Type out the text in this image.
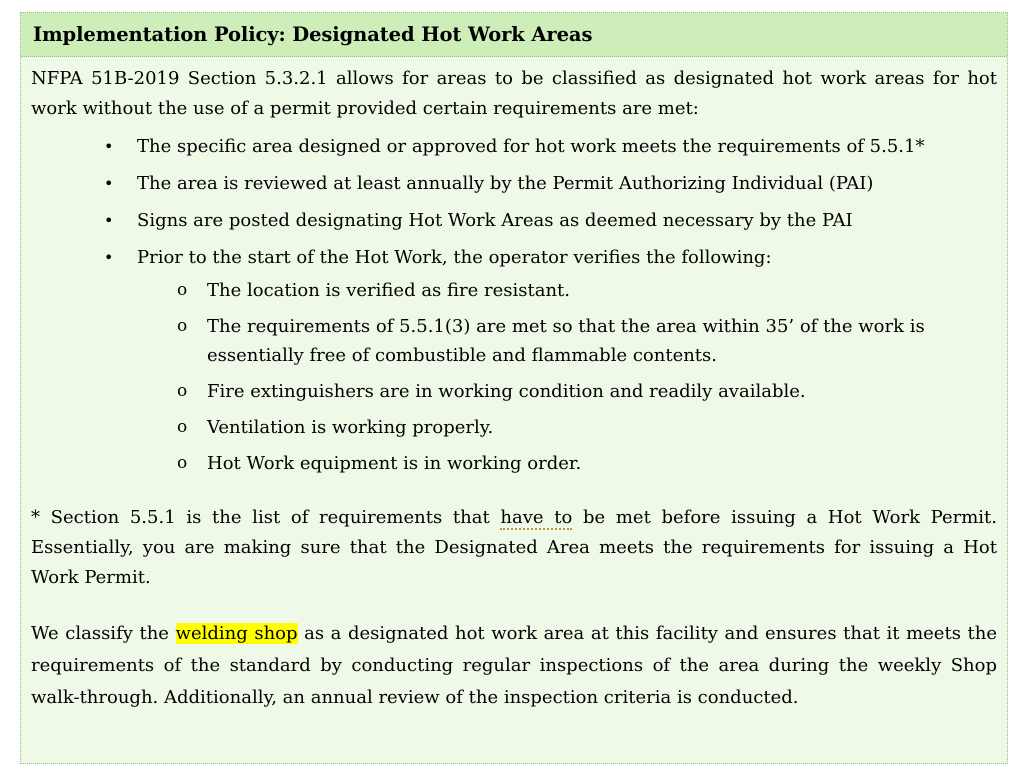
Implementation Policy: Designated Hot Work Areas

NFPA 51B-2019 Section 5.3.2.1 allows for areas to be classified as designated hot work areas for hot work without the use of a permit provided certain requirements are met:

• The specific area designed or approved for hot work meets the requirements of 5.5.1*
• The area is reviewed at least annually by the Permit Authorizing Individual (PAI)
• Signs are posted designating Hot Work Areas as deemed necessary by the PAI
• Prior to the start of the Hot Work, the operator verifies the following:
o The location is verified as fire resistant.
o The requirements of 5.5.1(3) are met so that the area within 35’ of the work is essentially free of combustible and flammable contents.
o Fire extinguishers are in working condition and readily available.
o Ventilation is working properly.
o Hot Work equipment is in working order.

* Section 5.5.1 is the list of requirements that have to be met before issuing a Hot Work Permit. Essentially, you are making sure that the Designated Area meets the requirements for issuing a Hot Work Permit.

We classify the welding shop as a designated hot work area at this facility and ensures that it meets the requirements of the standard by conducting regular inspections of the area during the weekly Shop walk-through. Additionally, an annual review of the inspection criteria is conducted.
